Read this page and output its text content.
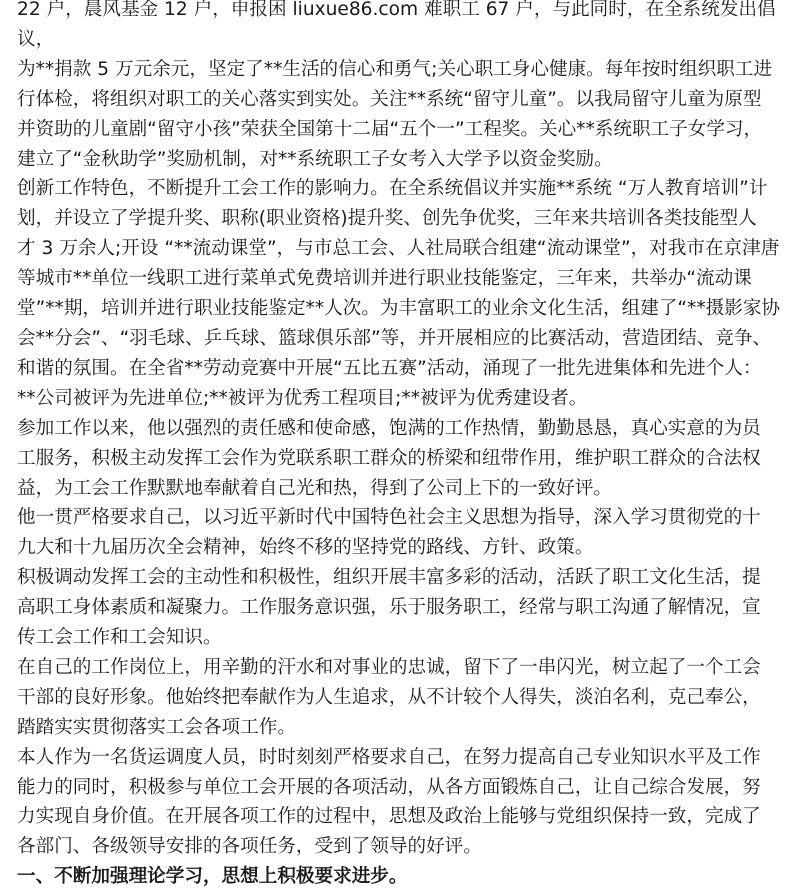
22 户，晨风基金 12 户，申报困 liuxue86.com 难职工 67 户，与此同时，在全系统发出倡议，
为**捐款 5 万元余元，坚定了**生活的信心和勇气;关心职工身心健康。每年按时组织职工进
行体检，将组织对职工的关心落实到实处。关注**系统“留守儿童”。以我局留守儿童为原型
并资助的儿童剧“留守小孩”荣获全国第十二届“五个一”工程奖。关心**系统职工子女学习，
建立了“金秋助学”奖励机制，对**系统职工子女考入大学予以资金奖励。
创新工作特色，不断提升工会工作的影响力。在全系统倡议并实施**系统 “万人教育培训”计
划，并设立了学提升奖、职称(职业资格)提升奖、创先争优奖，三年来共培训各类技能型人
才 3 万余人;开设 “**流动课堂”，与市总工会、人社局联合组建“流动课堂”，对我市在京津唐
等城市**单位一线职工进行菜单式免费培训并进行职业技能鉴定，三年来，共举办“流动课
堂”**期，培训并进行职业技能鉴定**人次。为丰富职工的业余文化生活，组建了“**摄影家协
会**分会”、“羽毛球、乒乓球、篮球俱乐部”等，并开展相应的比赛活动，营造团结、竞争、
和谐的氛围。在全省**劳动竞赛中开展“五比五赛”活动，涌现了一批先进集体和先进个人：
**公司被评为先进单位;**被评为优秀工程项目;**被评为优秀建设者。
参加工作以来，他以强烈的责任感和使命感，饱满的工作热情，勤勤恳恳，真心实意的为员
工服务，积极主动发挥工会作为党联系职工群众的桥梁和纽带作用，维护职工群众的合法权
益，为工会工作默默地奉献着自己光和热，得到了公司上下的一致好评。
他一贯严格要求自己，以习近平新时代中国特色社会主义思想为指导，深入学习贯彻党的十
九大和十九届历次全会精神，始终不移的坚持党的路线、方针、政策。
积极调动发挥工会的主动性和积极性，组织开展丰富多彩的活动，活跃了职工文化生活，提
高职工身体素质和凝聚力。工作服务意识强，乐于服务职工，经常与职工沟通了解情况，宣
传工会工作和工会知识。
在自己的工作岗位上，用辛勤的汗水和对事业的忠诚，留下了一串闪光，树立起了一个工会
干部的良好形象。他始终把奉献作为人生追求，从不计较个人得失，淡泊名利，克己奉公，
踏踏实实贯彻落实工会各项工作。
本人作为一名货运调度人员，时时刻刻严格要求自己，在努力提高自己专业知识水平及工作
能力的同时，积极参与单位工会开展的各项活动，从各方面锻炼自己，让自己综合发展，努
力实现自身价值。在开展各项工作的过程中，思想及政治上能够与党组织保持一致，完成了
各部门、各级领导安排的各项任务，受到了领导的好评。
一、不断加强理论学习，思想上积极要求进步。
